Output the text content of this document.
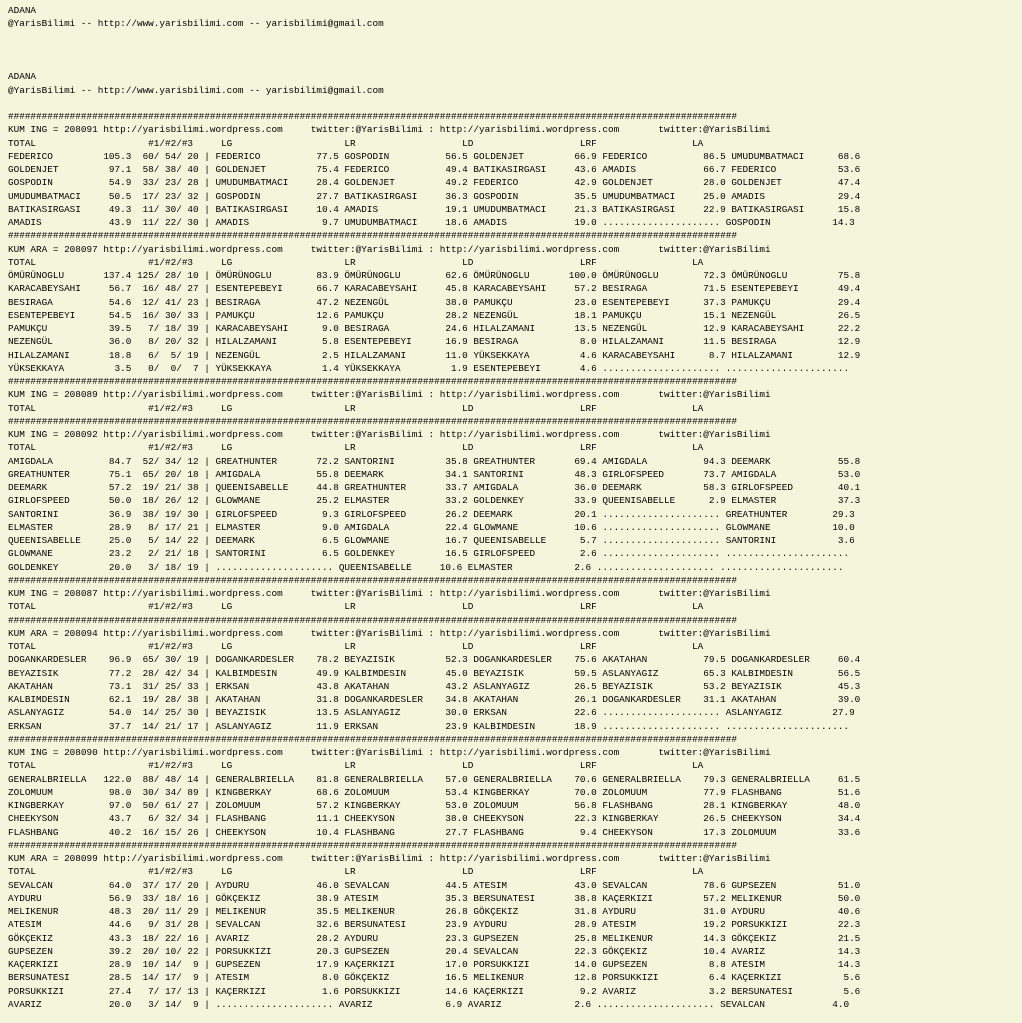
ADANA
@YarisBilimi -- http://www.yarisbilimi.com -- yarisbilimi@gmail.com
ADANA
@YarisBilimi -- http://www.yarisbilimi.com -- yarisbilimi@gmail.com
##################################################################################################################################
KUM ING = 208091 http://yarisbilimi.wordpress.com     twitter:@YarisBilimi : http://yarisbilimi.wordpress.com       twitter:@YarisBilimi
TOTAL                    #1/#2/#3     LG                    LR                   LD                   LRF                 LA
FEDERICO         105.3  60/ 54/ 20 | FEDERICO          77.5 GOSPODIN          56.5 GOLDENJET         66.9 FEDERICO          86.5 UMUDUMBATMACI      68.6
GOLDENJET         97.1  58/ 38/ 40 | GOLDENJET         75.4 FEDERICO          49.4 BATIKASIRGASI     43.6 AMADIS            66.7 FEDERICO           53.6
GOSPODIN          54.9  33/ 23/ 28 | UMUDUMBATMACI     28.4 GOLDENJET         49.2 FEDERICO          42.9 GOLDENJET         28.0 GOLDENJET          47.4
UMUDUMBATMACI     50.5  17/ 23/ 32 | GOSPODIN          27.7 BATIKASIRGASI     36.3 GOSPODIN          35.5 UMUDUMBATMACI     25.0 AMADIS             29.4
BATIKASIRGASI     49.3  11/ 30/ 40 | BATIKASIRGASI     10.4 AMADIS            19.1 UMUDUMBATMACI     21.3 BATIKASIRGASI     22.9 BATIKASIRGASI      15.8
AMADIS            43.9  11/ 22/ 30 | AMADIS             9.7 UMUDUMBATMACI     18.6 AMADIS            19.0 ..................... GOSPODIN           14.3
##################################################################################################################################
KUM ARA = 208097 http://yarisbilimi.wordpress.com     twitter:@YarisBilimi : http://yarisbilimi.wordpress.com       twitter:@YarisBilimi
TOTAL                    #1/#2/#3     LG                    LR                   LD                   LRF                 LA
ÖMÜRÜNOGLU       137.4 125/ 28/ 10 | ÖMÜRÜNOGLU        83.9 ÖMÜRÜNOGLU        62.6 ÖMÜRÜNOGLU       100.0 ÖMÜRÜNOGLU        72.3 ÖMÜRÜNOGLU         75.8
KARACABEYSAHI     56.7  16/ 48/ 27 | ESENTEPEBEYI      66.7 KARACABEYSAHI     45.8 KARACABEYSAHI     57.2 BESIRAGA          71.5 ESENTEPEBEYI       49.4
BESIRAGA          54.6  12/ 41/ 23 | BESIRAGA          47.2 NEZENGÜL          38.0 PAMUKÇU           23.0 ESENTEPEBEYI      37.3 PAMUKÇU            29.4
ESENTEPEBEYI      54.5  16/ 30/ 33 | PAMUKÇU           12.6 PAMUKÇU           28.2 NEZENGÜL          18.1 PAMUKÇU           15.1 NEZENGÜL           26.5
PAMUKÇU           39.5   7/ 18/ 39 | KARACABEYSAHI      9.0 BESIRAGA          24.6 HILALZAMANI       13.5 NEZENGÜL          12.9 KARACABEYSAHI      22.2
NEZENGÜL          36.0   8/ 20/ 32 | HILALZAMANI        5.8 ESENTEPEBEYI      16.9 BESIRAGA           8.0 HILALZAMANI       11.5 BESIRAGA           12.9
HILALZAMANI       18.8   6/  5/ 19 | NEZENGÜL           2.5 HILALZAMANI       11.0 YÜKSEKKAYA         4.6 KARACABEYSAHI      8.7 HILALZAMANI        12.9
YÜKSEKKAYA         3.5   0/  0/  7 | YÜKSEKKAYA         1.4 YÜKSEKKAYA         1.9 ESENTEPEBEYI       4.6 ..................... ......................
##################################################################################################################################
KUM ING = 208089 http://yarisbilimi.wordpress.com     twitter:@YarisBilimi : http://yarisbilimi.wordpress.com       twitter:@YarisBilimi
TOTAL                    #1/#2/#3     LG                    LR                   LD                   LRF                 LA
##################################################################################################################################
KUM ING = 208092 http://yarisbilimi.wordpress.com     twitter:@YarisBilimi : http://yarisbilimi.wordpress.com       twitter:@YarisBilimi
TOTAL                    #1/#2/#3     LG                    LR                   LD                   LRF                 LA
AMIGDALA          84.7  52/ 34/ 12 | GREATHUNTER       72.2 SANTORINI         35.8 GREATHUNTER       69.4 AMIGDALA          94.3 DEEMARK            55.8
GREATHUNTER       75.1  65/ 20/ 18 | AMIGDALA          55.8 DEEMARK           34.1 SANTORINI         48.3 GIRLOFSPEED       73.7 AMIGDALA           53.0
DEEMARK           57.2  19/ 21/ 38 | QUEENISABELLE     44.8 GREATHUNTER       33.7 AMIGDALA          36.0 DEEMARK           58.3 GIRLOFSPEED        40.1
GIRLOFSPEED       50.0  18/ 26/ 12 | GLOWMANE          25.2 ELMASTER          33.2 GOLDENKEY         33.9 QUEENISABELLE      2.9 ELMASTER           37.3
SANTORINI         36.9  38/ 19/ 30 | GIRLOFSPEED        9.3 GIRLOFSPEED       26.2 DEEMARK           20.1 ..................... GREATHUNTER        29.3
ELMASTER          28.9   8/ 17/ 21 | ELMASTER           9.0 AMIGDALA          22.4 GLOWMANE          10.6 ..................... GLOWMANE           10.0
QUEENISABELLE     25.0   5/ 14/ 22 | DEEMARK            6.5 GLOWMANE          16.7 QUEENISABELLE      5.7 ..................... SANTORINI           3.6
GLOWMANE          23.2   2/ 21/ 18 | SANTORINI          6.5 GOLDENKEY         16.5 GIRLOFSPEED        2.6 ..................... ......................
GOLDENKEY         20.0   3/ 18/ 19 | ..................... QUEENISABELLE     10.6 ELMASTER           2.6 ..................... ......................
##################################################################################################################################
KUM ING = 208087 http://yarisbilimi.wordpress.com     twitter:@YarisBilimi : http://yarisbilimi.wordpress.com       twitter:@YarisBilimi
TOTAL                    #1/#2/#3     LG                    LR                   LD                   LRF                 LA
##################################################################################################################################
KUM ARA = 208094 http://yarisbilimi.wordpress.com     twitter:@YarisBilimi : http://yarisbilimi.wordpress.com       twitter:@YarisBilimi
TOTAL                    #1/#2/#3     LG                    LR                   LD                   LRF                 LA
DOGANKARDESLER    96.9  65/ 30/ 19 | DOGANKARDESLER    78.2 BEYAZISIK         52.3 DOGANKARDESLER    75.6 AKATAHAN          79.5 DOGANKARDESLER     60.4
BEYAZISIK         77.2  28/ 42/ 34 | KALBIMDESIN       49.9 KALBIMDESIN       45.0 BEYAZISIK         59.5 ASLANYAGIZ        65.3 KALBIMDESIN        56.5
AKATAHAN          73.1  31/ 25/ 33 | ERKSAN            43.8 AKATAHAN          43.2 ASLANYAGIZ        26.5 BEYAZISIK         53.2 BEYAZISIK          45.3
KALBIMDESIN       62.1  19/ 28/ 38 | AKATAHAN          31.8 DOGANKARDESLER    34.8 AKATAHAN          26.1 DOGANKARDESLER    31.1 AKATAHAN           39.0
ASLANYAGIZ        54.0  14/ 25/ 30 | BEYAZISIK         13.5 ASLANYAGIZ        30.0 ERKSAN            22.6 ..................... ASLANYAGIZ         27.9
ERKSAN            37.7  14/ 21/ 17 | ASLANYAGIZ        11.9 ERKSAN            23.9 KALBIMDESIN       18.9 ..................... ......................
##################################################################################################################################
KUM ING = 208090 http://yarisbilimi.wordpress.com     twitter:@YarisBilimi : http://yarisbilimi.wordpress.com       twitter:@YarisBilimi
TOTAL                    #1/#2/#3     LG                    LR                   LD                   LRF                 LA
GENERALBRIELLA   122.0  88/ 48/ 14 | GENERALBRIELLA    81.8 GENERALBRIELLA    57.0 GENERALBRIELLA    70.6 GENERALBRIELLA    79.3 GENERALBRIELLA     61.5
ZOLOMUUM          98.0  30/ 34/ 89 | KINGBERKAY        68.6 ZOLOMUUM          53.4 KINGBERKAY        70.0 ZOLOMUUM          77.9 FLASHBANG          51.6
KINGBERKAY        97.0  50/ 61/ 27 | ZOLOMUUM          57.2 KINGBERKAY        53.0 ZOLOMUUM          56.8 FLASHBANG         28.1 KINGBERKAY         48.0
CHEEKYSON         43.7   6/ 32/ 34 | FLASHBANG         11.1 CHEEKYSON         38.0 CHEEKYSON         22.3 KINGBERKAY        26.5 CHEEKYSON          34.4
FLASHBANG         40.2  16/ 15/ 26 | CHEEKYSON         10.4 FLASHBANG         27.7 FLASHBANG          9.4 CHEEKYSON         17.3 ZOLOMUUM           33.6
##################################################################################################################################
KUM ARA = 208099 http://yarisbilimi.wordpress.com     twitter:@YarisBilimi : http://yarisbilimi.wordpress.com       twitter:@YarisBilimi
TOTAL                    #1/#2/#3     LG                    LR                   LD                   LRF                 LA
SEVALCAN          64.0  37/ 17/ 20 | AYDURU            46.0 SEVALCAN          44.5 ATESIM            43.0 SEVALCAN          78.6 GUPSEZEN           51.0
AYDURU            56.9  33/ 18/ 16 | GÖKÇEKIZ          38.9 ATESIM            35.3 BERSUNATESI       38.8 KAÇERKIZI         57.2 MELIKENUR          50.0
MELIKENUR         48.3  20/ 11/ 29 | MELIKENUR         35.5 MELIKENUR         26.8 GÖKÇEKIZ          31.8 AYDURU            31.0 AYDURU             40.6
ATESIM            44.6   9/ 31/ 28 | SEVALCAN          32.6 BERSUNATESI       23.9 AYDURU            28.9 ATESIM            19.2 PORSUKKIZI         22.3
GÖKÇEKIZ          43.3  18/ 22/ 16 | AVARIZ            28.2 AYDURU            23.3 GUPSEZEN          25.8 MELIKENUR         14.3 GÖKÇEKIZ           21.5
GUPSEZEN          39.2  20/ 10/ 22 | PORSUKKIZI        20.3 GUPSEZEN          20.4 SEVALCAN          22.3 GÖKÇEKIZ          10.4 AVARIZ             14.3
KAÇERKIZI         28.9  10/ 14/  9 | GUPSEZEN          17.9 KAÇERKIZI         17.0 PORSUKKIZI        14.0 GUPSEZEN           8.8 ATESIM             14.3
BERSUNATESI       28.5  14/ 17/  9 | ATESIM             8.0 GÖKÇEKIZ          16.5 MELIKENUR         12.8 PORSUKKIZI         6.4 KAÇERKIZI           5.6
PORSUKKIZI        27.4   7/ 17/ 13 | KAÇERKIZI          1.6 PORSUKKIZI        14.6 KAÇERKIZI          9.2 AVARIZ             3.2 BERSUNATESI         5.6
AVARIZ            20.0   3/ 14/  9 | ..................... AVARIZ             6.9 AVARIZ             2.6 ..................... SEVALCAN            4.0
